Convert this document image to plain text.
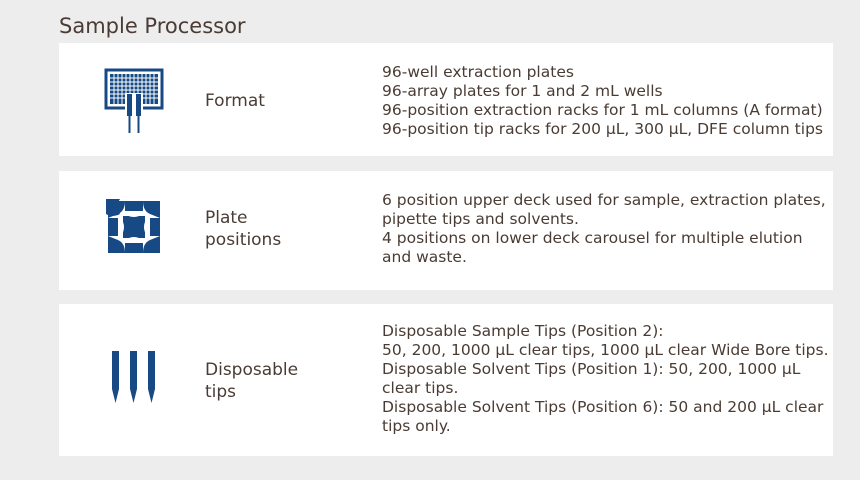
Sample Processor
Format
96-well extraction plates
96-array plates for 1 and 2 mL wells
96-position extraction racks for 1 mL columns (A format)
96-position tip racks for 200 µL, 300 µL, DFE column tips
Plate
positions
6 position upper deck used for sample, extraction plates,
pipette tips and solvents.
4 positions on lower deck carousel for multiple elution
and waste.
Disposable
tips
Disposable Sample Tips (Position 2):
50, 200, 1000 µL clear tips, 1000 µL clear Wide Bore tips.
Disposable Solvent Tips (Position 1): 50, 200, 1000 µL
clear tips.
Disposable Solvent Tips (Position 6): 50 and 200 µL clear
tips only.
